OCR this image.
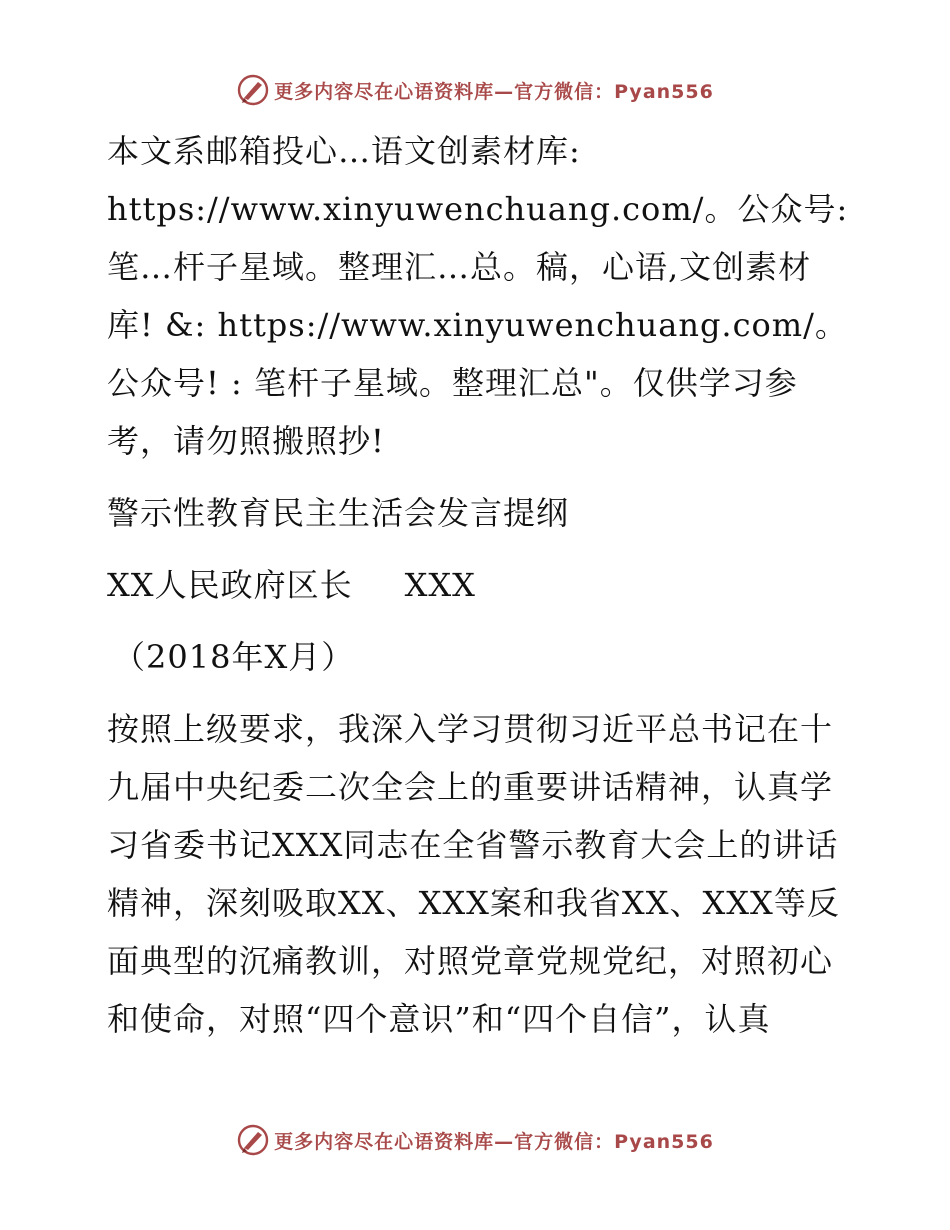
更多内容尽在心语资料库—官方微信：Pyan556

本文系邮箱投心…语文创素材库: https://www.xinyuwenchuang.com/。公众号: 笔…杆子星域。整理汇…总。稿，心语,文创素材库! &: https://www.xinyuwenchuang.com/。公众号! : 笔杆子星域。整理汇总"。仅供学习参考，请勿照搬照抄!

警示性教育民主生活会发言提纲

XX人民政府区长 XXX

（2018年X月）

按照上级要求，我深入学习贯彻习近平总书记在十九届中央纪委二次全会上的重要讲话精神，认真学习省委书记XXX同志在全省警示教育大会上的讲话精神，深刻吸取XX、XXX案和我省XX、XXX等反面典型的沉痛教训，对照党章党规党纪，对照初心和使命，对照“四个意识”和“四个自信”，认真

更多内容尽在心语资料库—官方微信：Pyan556
